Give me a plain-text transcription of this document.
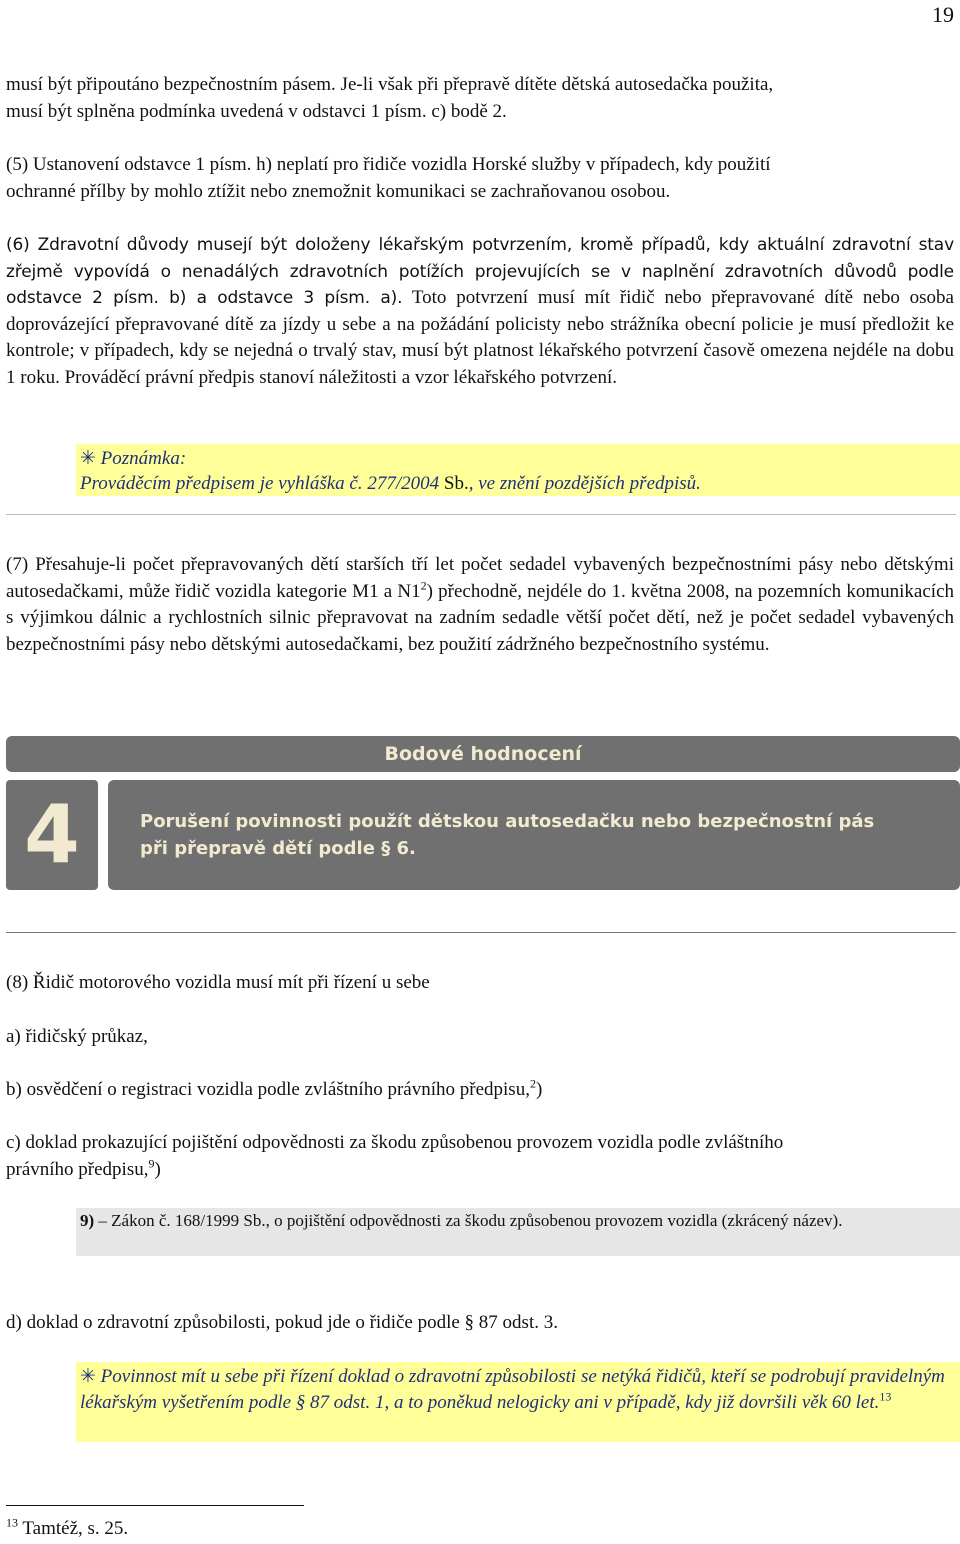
19
musí být připoutáno bezpečnostním pásem. Je-li však při přepravě dítěte dětská autosedačka použita,
musí být splněna podmínka uvedená v odstavci 1 písm. c) bodě 2.
(5) Ustanovení odstavce 1 písm. h) neplatí pro řidiče vozidla Horské služby v případech, kdy použití
ochranné přílby by mohlo ztížit nebo znemožnit komunikaci se zachraňovanou osobou.
(6) Zdravotní důvody musejí být doloženy lékařským potvrzením, kromě případů, kdy aktuální zdravotní stav zřejmě vypovídá o nenadálých zdravotních potížích projevujících se v naplnění zdravotních důvodů podle odstavce 2 písm. b) a odstavce 3 písm. a). Toto potvrzení musí mít řidič nebo přepravované dítě nebo osoba doprovázející přepravované dítě za jízdy u sebe a na požádání policisty nebo strážníka obecní policie je musí předložit ke kontrole; v případech, kdy se nejedná o trvalý stav, musí být platnost lékařského potvrzení časově omezena nejdéle na dobu 1 roku. Prováděcí právní předpis stanoví náležitosti a vzor lékařského potvrzení.
✳ Poznámka:
Prováděcím předpisem je vyhláška č. 277/2004 Sb., ve znění pozdějších předpisů.
(7) Přesahuje-li počet přepravovaných dětí starších tří let počet sedadel vybavených bezpečnostními pásy nebo dětskými autosedačkami, může řidič vozidla kategorie M1 a $N1^2$) přechodně, nejdéle do 1. května 2008, na pozemních komunikacích s výjimkou dálnic a rychlostních silnic přepravovat na zadním sedadle větší počet dětí, než je počet sedadel vybavených bezpečnostními pásy nebo dětskými autosedačkami, bez použití zádržného bezpečnostního systému.
Bodové hodnocení
4	Porušení povinnosti použít dětskou autosedačku nebo bezpečnostní pás
při přepravě dětí podle § 6.
(8) Řidič motorového vozidla musí mít při řízení u sebe
a) řidičský průkaz,
b) osvědčení o registraci vozidla podle zvláštního právního předpisu,$^2$)
c) doklad prokazující pojištění odpovědnosti za škodu způsobenou provozem vozidla podle zvláštního
právního předpisu,$^9$)
9) – Zákon č. 168/1999 Sb., o pojištění odpovědnosti za škodu způsobenou provozem vozidla (zkrácený název).
d) doklad o zdravotní způsobilosti, pokud jde o řidiče podle § 87 odst. 3.
✳ Povinnost mít u sebe při řízení doklad o zdravotní způsobilosti se netýká řidičů, kteří se podrobují pravidelným lékařským vyšetřením podle § 87 odst. 1, a to poněkud nelogicky ani v případě, kdy již dovršili věk 60 let.$^{13}$
$^{13}$ Tamtéž, s. 25.
